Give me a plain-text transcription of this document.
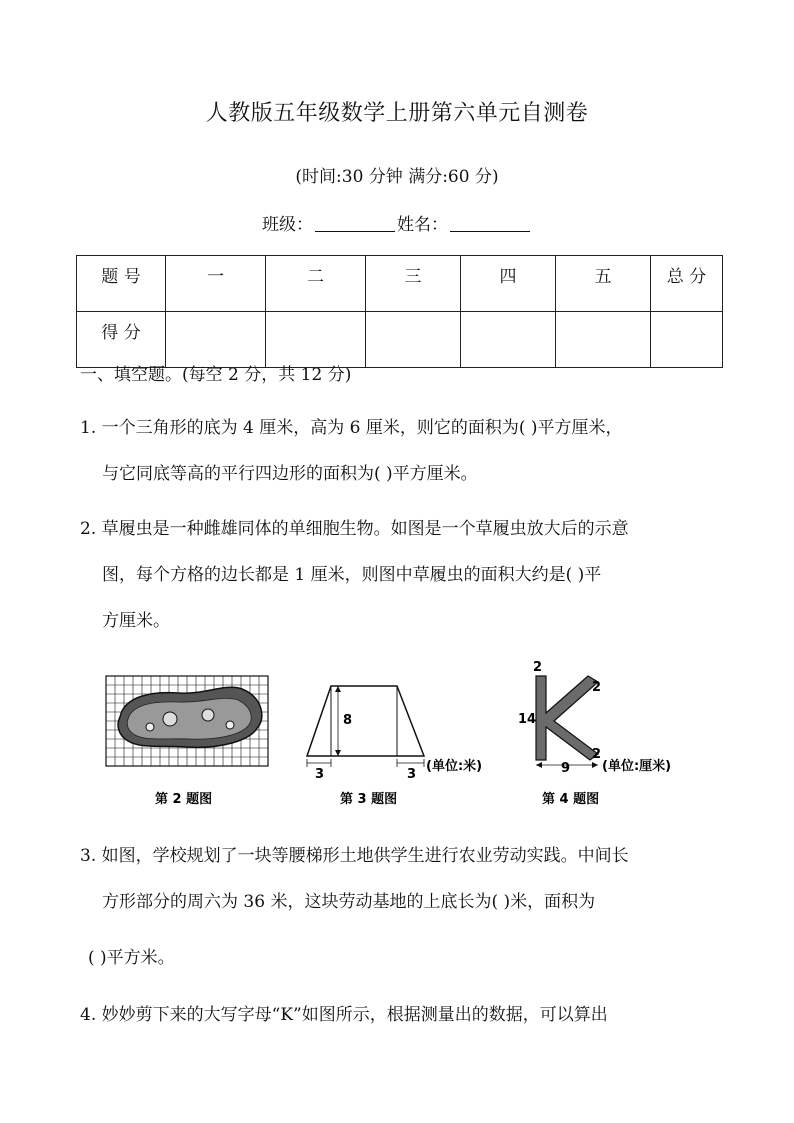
人教版五年级数学上册第六单元自测卷
(时间:30 分钟 满分:60 分)
班级：	姓名：
题 号	一	二	三	四	五	总 分
得 分						
一、填空题。(每空 2 分，共 12 分)
1. 一个三角形的底为 4 厘米，高为 6 厘米，则它的面积为( )平方厘米，
与它同底等高的平行四边形的面积为( )平方厘米。
2. 草履虫是一种雌雄同体的单细胞生物。如图是一个草履虫放大后的示意
图，每个方格的边长都是 1 厘米，则图中草履虫的面积大约是( )平
方厘米。
第 2 题图
8
3	3
(单位:米)
第 3 题图
2
2
14
2
9 (单位:厘米)
第 4 题图
3. 如图，学校规划了一块等腰梯形土地供学生进行农业劳动实践。中间长
方形部分的周六为 36 米，这块劳动基地的上底长为( )米，面积为
( )平方米。
4. 妙妙剪下来的大写字母“K”如图所示，根据测量出的数据，可以算出
